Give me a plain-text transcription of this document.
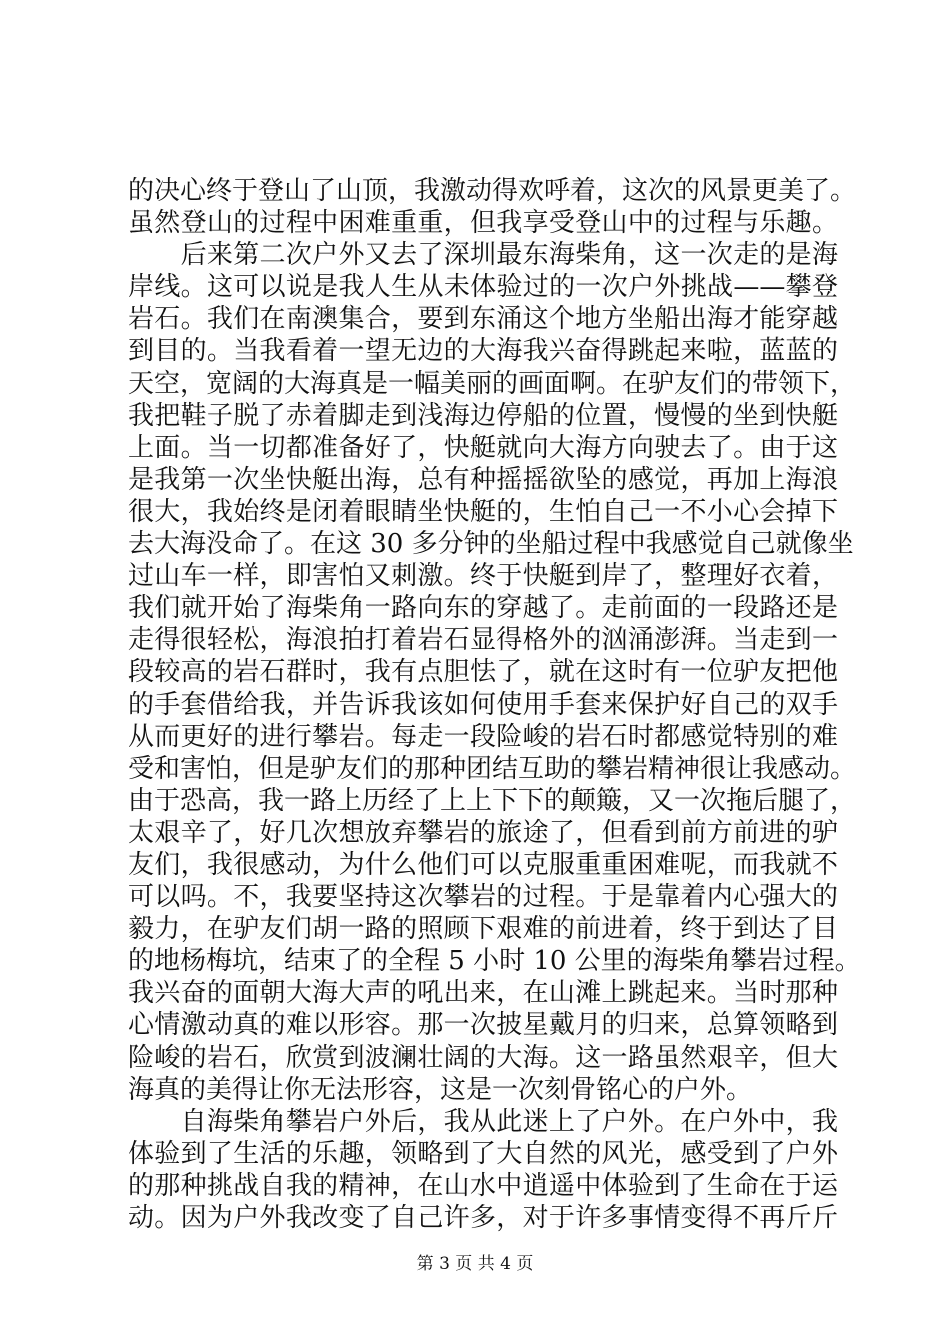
的决心终于登山了山顶，我激动得欢呼着，这次的风景更美了。
虽然登山的过程中困难重重，但我享受登山中的过程与乐趣。
　　后来第二次户外又去了深圳最东海柴角，这一次走的是海
岸线。这可以说是我人生从未体验过的一次户外挑战——攀登
岩石。我们在南澳集合，要到东涌这个地方坐船出海才能穿越
到目的。当我看着一望无边的大海我兴奋得跳起来啦，蓝蓝的
天空，宽阔的大海真是一幅美丽的画面啊。在驴友们的带领下，
我把鞋子脱了赤着脚走到浅海边停船的位置，慢慢的坐到快艇
上面。当一切都准备好了，快艇就向大海方向驶去了。由于这
是我第一次坐快艇出海，总有种摇摇欲坠的感觉，再加上海浪
很大，我始终是闭着眼睛坐快艇的，生怕自己一不小心会掉下
去大海没命了。在这 30 多分钟的坐船过程中我感觉自己就像坐
过山车一样，即害怕又刺激。终于快艇到岸了，整理好衣着，
我们就开始了海柴角一路向东的穿越了。走前面的一段路还是
走得很轻松，海浪拍打着岩石显得格外的汹涌澎湃。当走到一
段较高的岩石群时，我有点胆怯了，就在这时有一位驴友把他
的手套借给我，并告诉我该如何使用手套来保护好自己的双手
从而更好的进行攀岩。每走一段险峻的岩石时都感觉特别的难
受和害怕，但是驴友们的那种团结互助的攀岩精神很让我感动。
由于恐高，我一路上历经了上上下下的颠簸，又一次拖后腿了，
太艰辛了，好几次想放弃攀岩的旅途了，但看到前方前进的驴
友们，我很感动，为什么他们可以克服重重困难呢，而我就不
可以吗。不，我要坚持这次攀岩的过程。于是靠着内心强大的
毅力，在驴友们胡一路的照顾下艰难的前进着，终于到达了目
的地杨梅坑，结束了的全程 5 小时 10 公里的海柴角攀岩过程。
我兴奋的面朝大海大声的吼出来，在山滩上跳起来。当时那种
心情激动真的难以形容。那一次披星戴月的归来，总算领略到
险峻的岩石，欣赏到波澜壮阔的大海。这一路虽然艰辛，但大
海真的美得让你无法形容，这是一次刻骨铭心的户外。
　　自海柴角攀岩户外后，我从此迷上了户外。在户外中，我
体验到了生活的乐趣，领略到了大自然的风光，感受到了户外
的那种挑战自我的精神，在山水中逍遥中体验到了生命在于运
动。因为户外我改变了自己许多，对于许多事情变得不再斤斤
第 3 页 共 4 页
